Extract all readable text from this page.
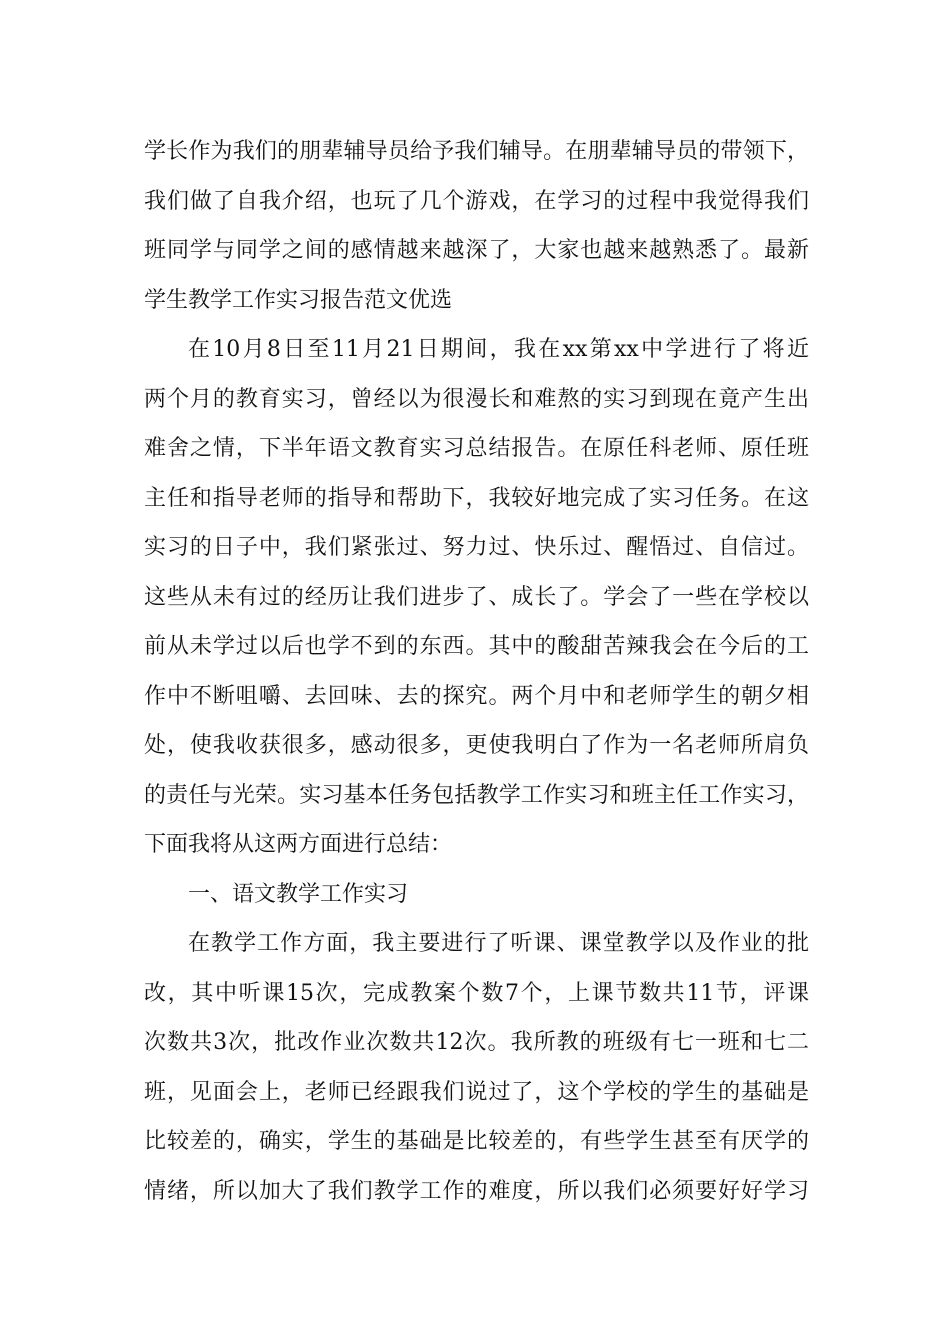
学长作为我们的朋辈辅导员给予我们辅导。在朋辈辅导员的带领下，
我们做了自我介绍，也玩了几个游戏，在学习的过程中我觉得我们
班同学与同学之间的感情越来越深了，大家也越来越熟悉了。最新
学生教学工作实习报告范文优选
在10月8日至11月21日期间，我在xx第xx中学进行了将近
两个月的教育实习，曾经以为很漫长和难熬的实习到现在竟产生出
难舍之情，下半年语文教育实习总结报告。在原任科老师、原任班
主任和指导老师的指导和帮助下，我较好地完成了实习任务。在这
实习的日子中，我们紧张过、努力过、快乐过、醒悟过、自信过。
这些从未有过的经历让我们进步了、成长了。学会了一些在学校以
前从未学过以后也学不到的东西。其中的酸甜苦辣我会在今后的工
作中不断咀嚼、去回味、去的探究。两个月中和老师学生的朝夕相
处，使我收获很多，感动很多，更使我明白了作为一名老师所肩负
的责任与光荣。实习基本任务包括教学工作实习和班主任工作实习，
下面我将从这两方面进行总结：
一、语文教学工作实习
在教学工作方面，我主要进行了听课、课堂教学以及作业的批
改，其中听课15次，完成教案个数7个，上课节数共11节，评课
次数共3次，批改作业次数共12次。我所教的班级有七一班和七二
班，见面会上，老师已经跟我们说过了，这个学校的学生的基础是
比较差的，确实，学生的基础是比较差的，有些学生甚至有厌学的
情绪，所以加大了我们教学工作的难度，所以我们必须要好好学习
